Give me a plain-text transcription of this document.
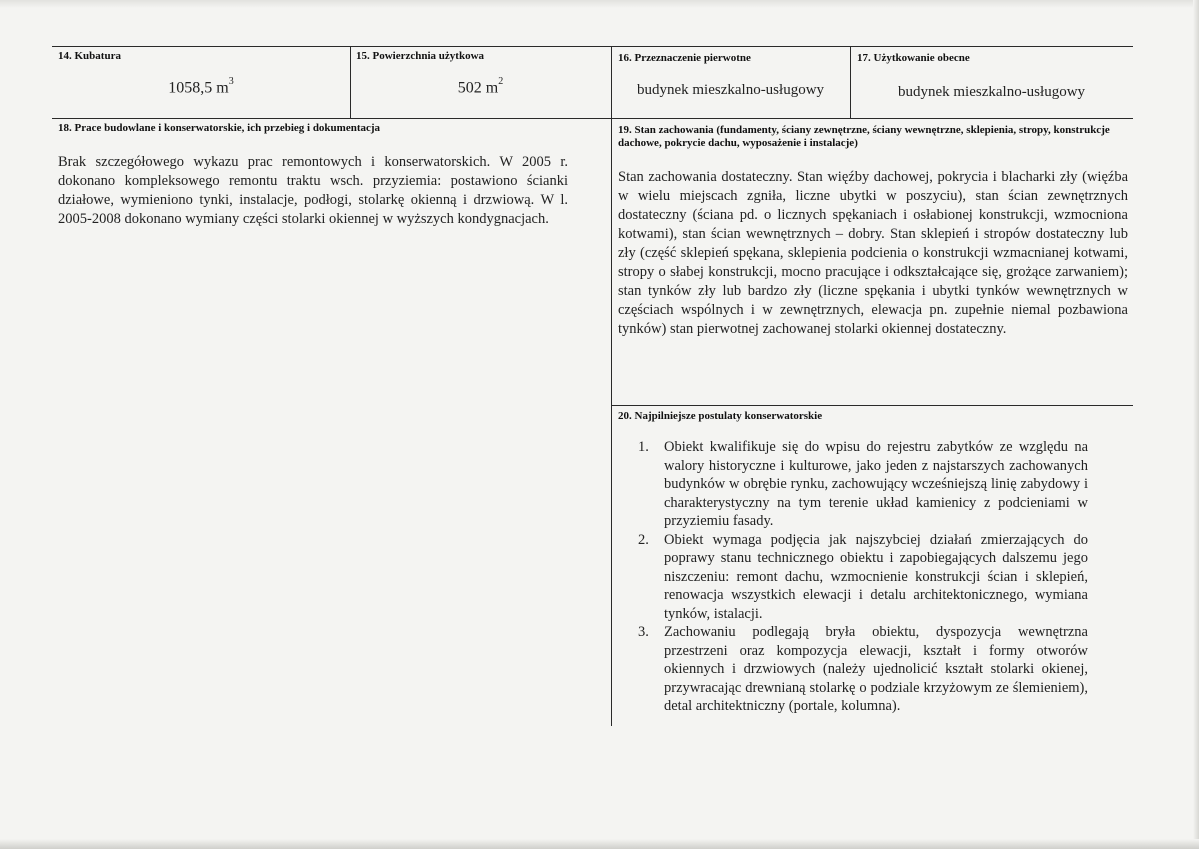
14. Kubatura
1058,5 $m^3$
15. Powierzchnia użytkowa
502 $m^2$
16. Przeznaczenie pierwotne
budynek mieszkalno-usługowy
17. Użytkowanie obecne
budynek mieszkalno-usługowy
18. Prace budowlane i konserwatorskie, ich przebieg i dokumentacja
Brak szczegółowego wykazu prac remontowych i konserwatorskich. W 2005 r. dokonano kompleksowego remontu traktu wsch. przyziemia: postawiono ścianki działowe, wymieniono tynki, instalacje, podłogi, stolarkę okienną i drzwiową. W l. 2005-2008 dokonano wymiany części stolarki okiennej w wyższych kondygnacjach.
19. Stan zachowania (fundamenty, ściany zewnętrzne, ściany wewnętrzne, sklepienia, stropy, konstrukcje dachowe, pokrycie dachu, wyposażenie i instalacje)
Stan zachowania dostateczny. Stan więźby dachowej, pokrycia i blacharki zły (więźba w wielu miejscach zgniła, liczne ubytki w poszyciu), stan ścian zewnętrznych dostateczny (ściana pd. o licznych spękaniach i osłabionej konstrukcji, wzmocniona kotwami), stan ścian wewnętrznych – dobry. Stan sklepień i stropów dostateczny lub zły (część sklepień spękana, sklepienia podcienia o konstrukcji wzmacnianej kotwami, stropy o słabej konstrukcji, mocno pracujące i odkształcające się, grożące zarwaniem); stan tynków zły lub bardzo zły (liczne spękania i ubytki tynków wewnętrznych w częściach wspólnych i w zewnętrznych, elewacja pn. zupełnie niemal pozbawiona tynków) stan pierwotnej zachowanej stolarki okiennej dostateczny.
20. Najpilniejsze postulaty konserwatorskie
1. Obiekt kwalifikuje się do wpisu do rejestru zabytków ze względu na walory historyczne i kulturowe, jako jeden z najstarszych zachowanych budynków w obrębie rynku, zachowujący wcześniejszą linię zabydowy i charakterystyczny na tym terenie układ kamienicy z podcieniami w przyziemiu fasady.
2. Obiekt wymaga podjęcia jak najszybciej działań zmierzających do poprawy stanu technicznego obiektu i zapobiegających dalszemu jego niszczeniu: remont dachu, wzmocnienie konstrukcji ścian i sklepień, renowacja wszystkich elewacji i detalu architektonicznego, wymiana tynków, istalacji.
3. Zachowaniu podlegają bryła obiektu, dyspozycja wewnętrzna przestrzeni oraz kompozycja elewacji, kształt i formy otworów okiennych i drzwiowych (należy ujednolicić kształt stolarki okienej, przywracając drewnianą stolarkę o podziale krzyżowym ze ślemieniem), detal architektniczny (portale, kolumna).
